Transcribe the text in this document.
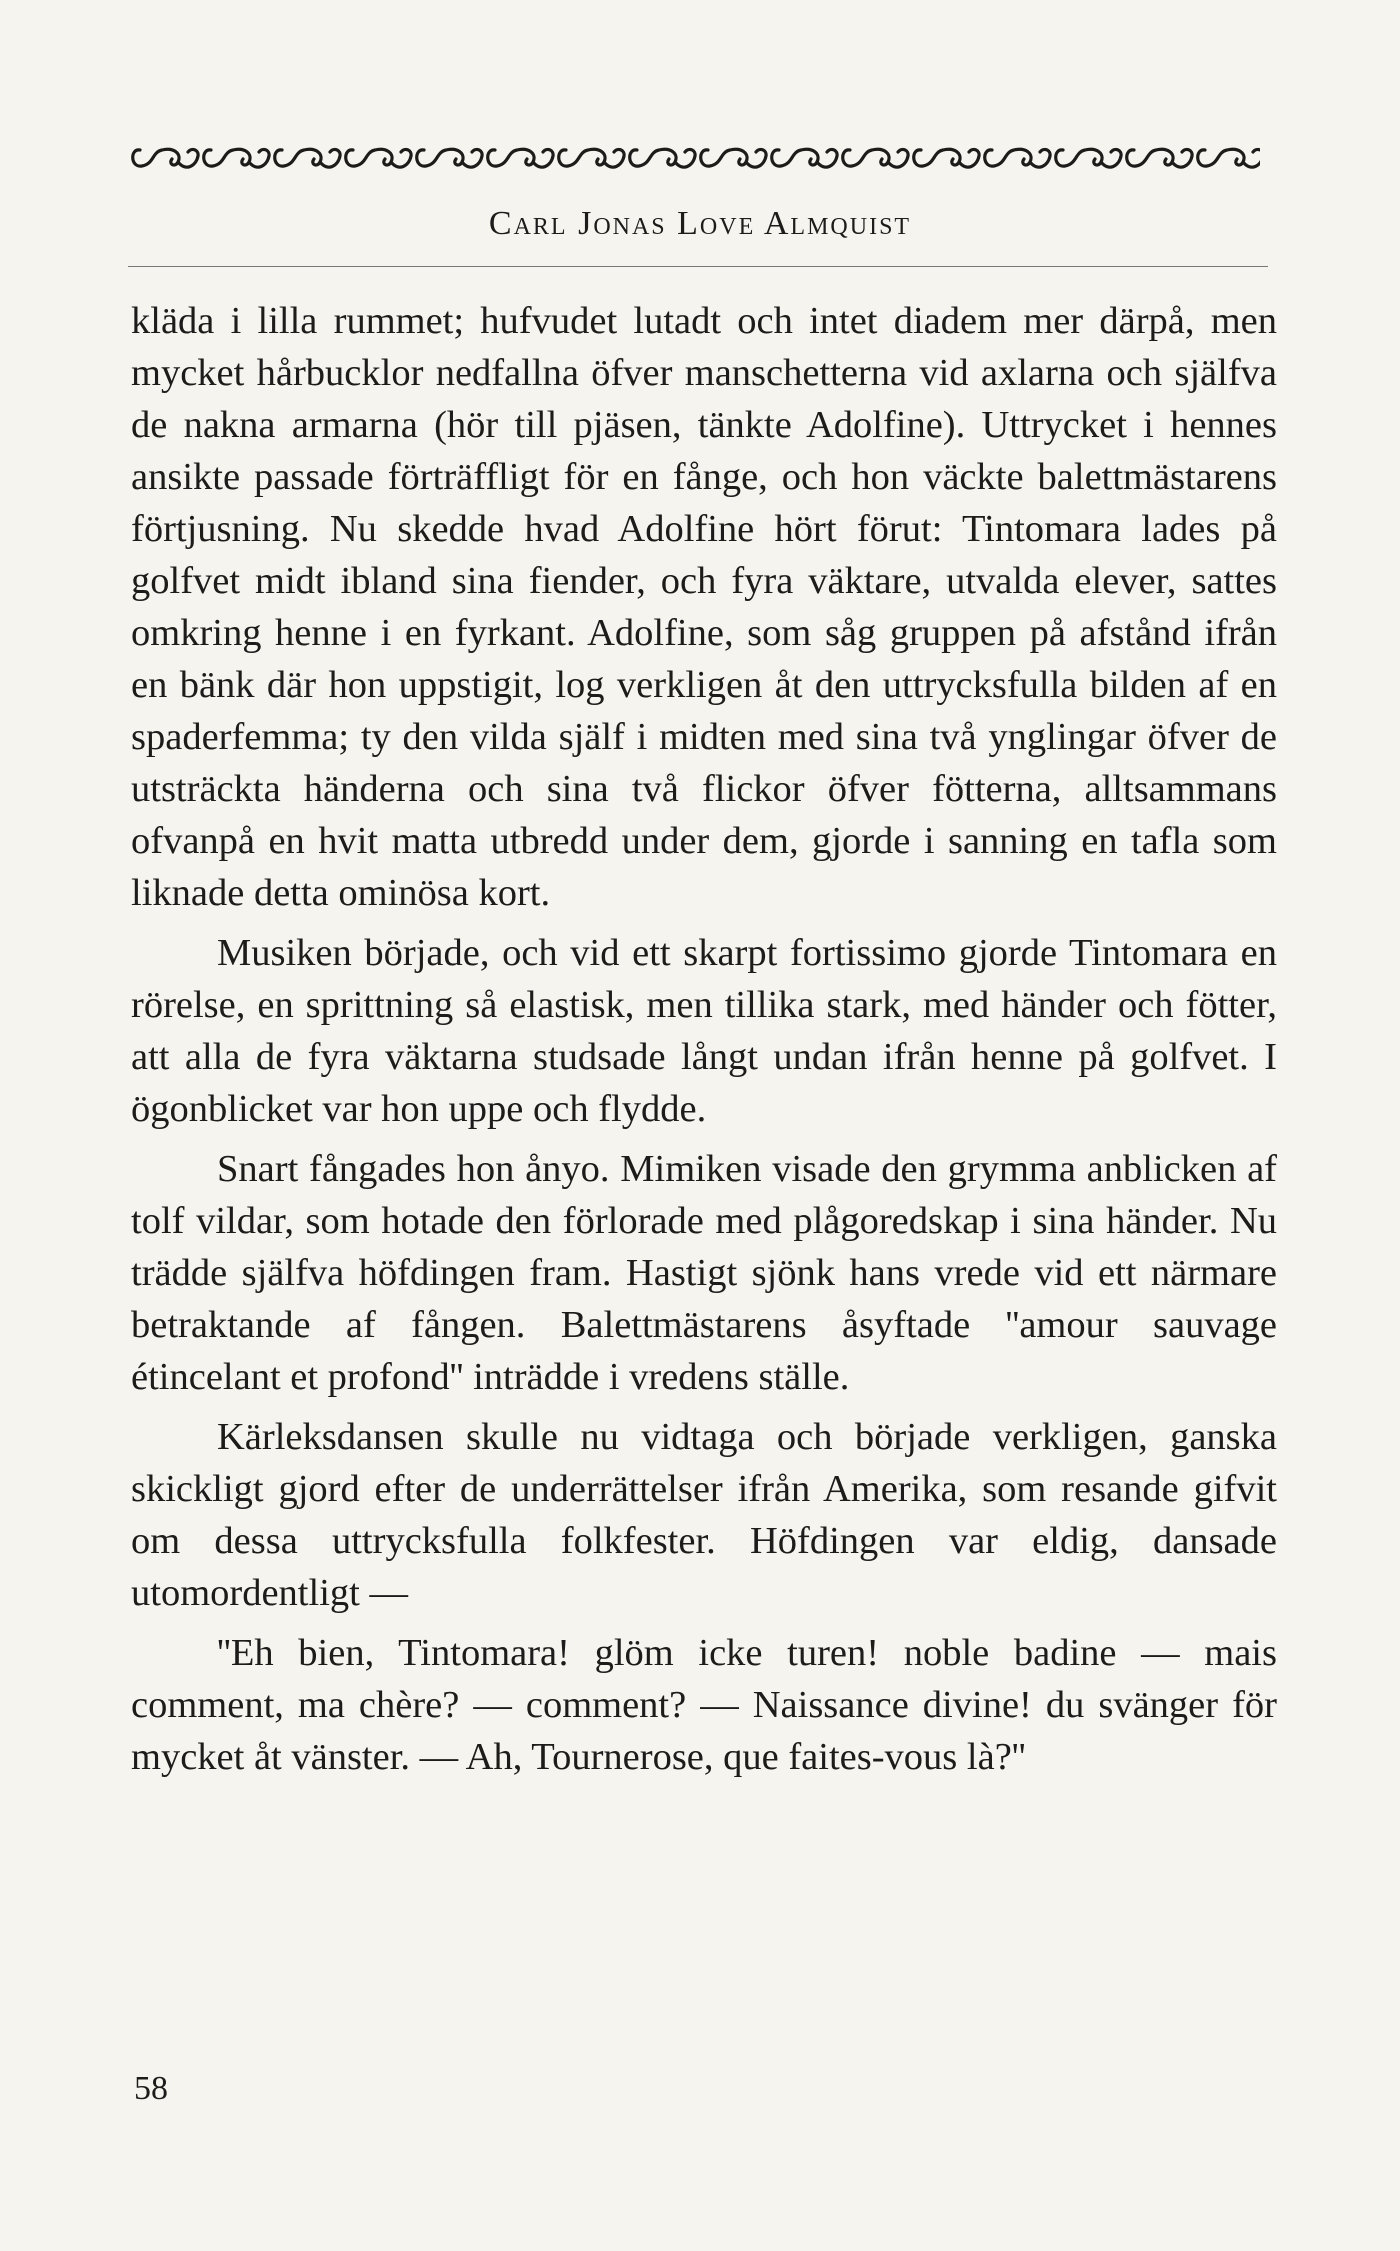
Carl Jonas Love Almquist

kläda i lilla rummet; hufvudet lutadt och intet diadem mer därpå, men mycket hårbucklor nedfallna öfver manschetterna vid axlarna och själfva de nakna armarna (hör till pjäsen, tänkte Adolfine). Uttrycket i hennes ansikte passade förträffligt för en fånge, och hon väckte balettmästarens förtjusning. Nu skedde hvad Adolfine hört förut: Tintomara lades på golfvet midt ibland sina fiender, och fyra väktare, utvalda elever, sattes omkring henne i en fyrkant. Adolfine, som såg gruppen på afstånd ifrån en bänk där hon uppstigit, log verkligen åt den uttrycksfulla bilden af en spaderfemma; ty den vilda själf i midten med sina två ynglingar öfver de utsträckta händerna och sina två flickor öfver fötterna, alltsammans ofvanpå en hvit matta utbredd under dem, gjorde i sanning en tafla som liknade detta ominösa kort.

Musiken började, och vid ett skarpt fortissimo gjorde Tintomara en rörelse, en sprittning så elastisk, men tillika stark, med händer och fötter, att alla de fyra väktarna studsade långt undan ifrån henne på golfvet. I ögonblicket var hon uppe och flydde.

Snart fångades hon ånyo. Mimiken visade den grymma anblicken af tolf vildar, som hotade den förlorade med plågoredskap i sina händer. Nu trädde själfva höfdingen fram. Hastigt sjönk hans vrede vid ett närmare betraktande af fången. Balettmästarens åsyftade ''amour sauvage étincelant et profond'' inträdde i vredens ställe.

Kärleksdansen skulle nu vidtaga och började verkligen, ganska skickligt gjord efter de underrättelser ifrån Amerika, som resande gifvit om dessa uttrycksfulla folkfester. Höfdingen var eldig, dansade utomordentligt —

''Eh bien, Tintomara! glöm icke turen! noble badine — mais comment, ma chère? — comment? — Naissance divine! du svänger för mycket åt vänster. — Ah, Tournerose, que faites-vous là?''

58
